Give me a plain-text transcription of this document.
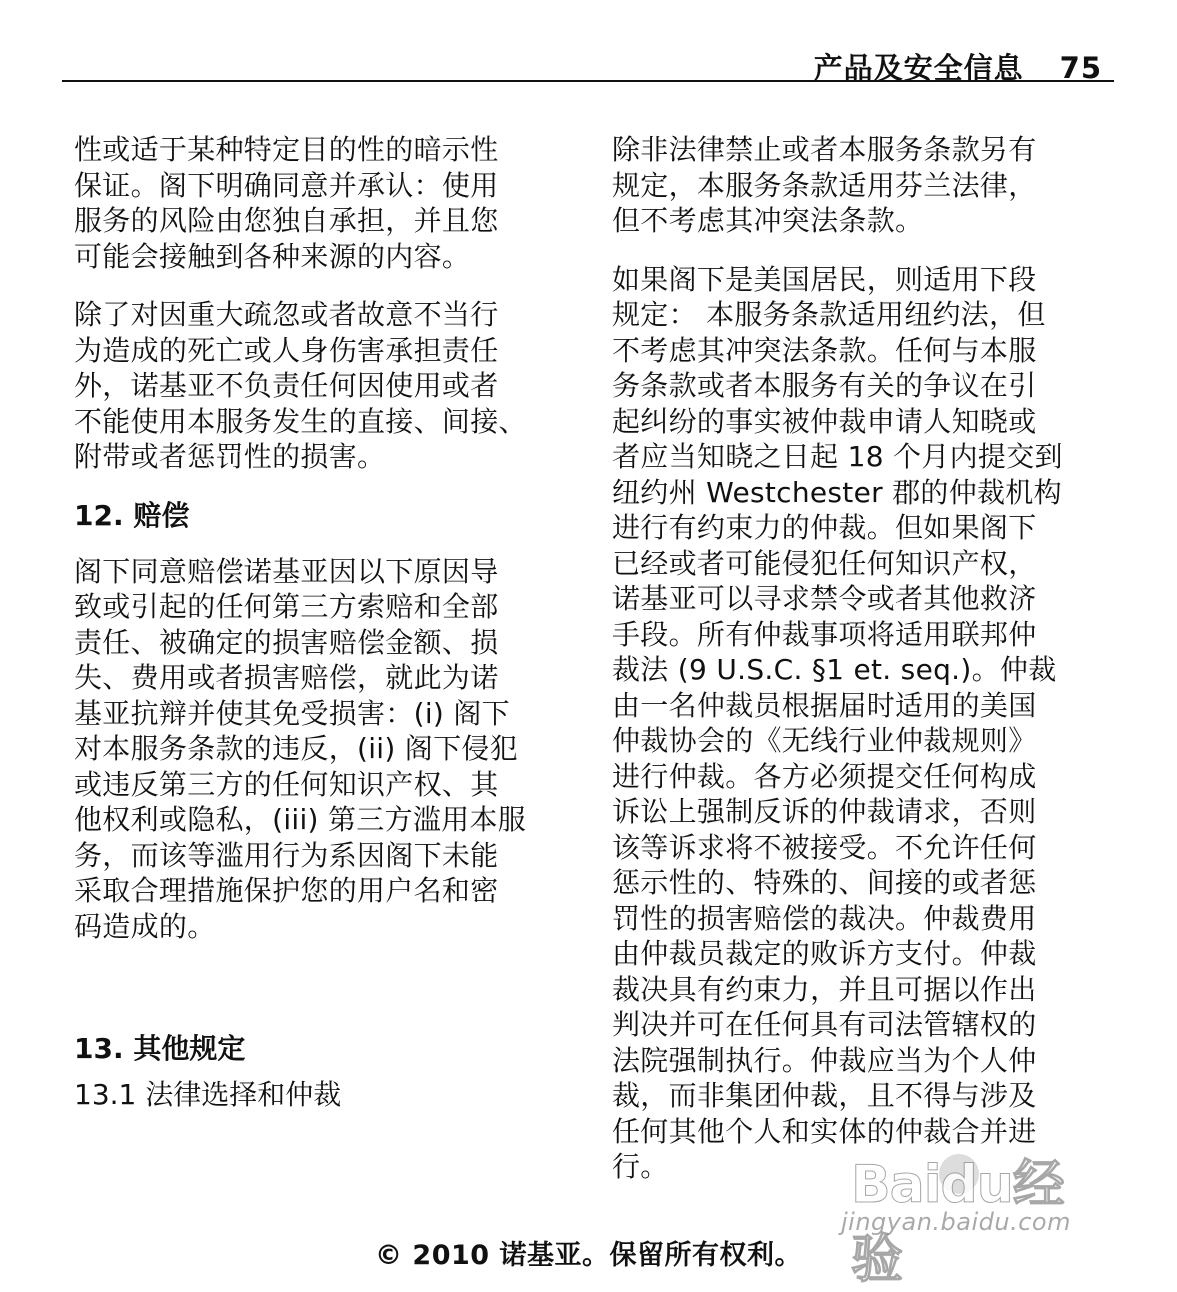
产品及安全信息 75

性或适于某种特定目的性的暗示性
保证。阁下明确同意并承认：使用
服务的风险由您独自承担，并且您
可能会接触到各种来源的内容。

除了对因重大疏忽或者故意不当行
为造成的死亡或人身伤害承担责任
外，诺基亚不负责任何因使用或者
不能使用本服务发生的直接、间接、
附带或者惩罚性的损害。

12. 赔偿

阁下同意赔偿诺基亚因以下原因导
致或引起的任何第三方索赔和全部
责任、被确定的损害赔偿金额、损
失、费用或者损害赔偿，就此为诺
基亚抗辩并使其免受损害：(i) 阁下
对本服务条款的违反，(ii) 阁下侵犯
或违反第三方的任何知识产权、其
他权利或隐私，(iii) 第三方滥用本服
务，而该等滥用行为系因阁下未能
采取合理措施保护您的用户名和密
码造成的。

13. 其他规定

13.1 法律选择和仲裁

除非法律禁止或者本服务条款另有
规定，本服务条款适用芬兰法律，
但不考虑其冲突法条款。

如果阁下是美国居民，则适用下段
规定： 本服务条款适用纽约法，但
不考虑其冲突法条款。任何与本服
务条款或者本服务有关的争议在引
起纠纷的事实被仲裁申请人知晓或
者应当知晓之日起 18 个月内提交到
纽约州 Westchester 郡的仲裁机构
进行有约束力的仲裁。但如果阁下
已经或者可能侵犯任何知识产权，
诺基亚可以寻求禁令或者其他救济
手段。所有仲裁事项将适用联邦仲
裁法 (9 U.S.C. §1 et. seq.)。仲裁
由一名仲裁员根据届时适用的美国
仲裁协会的《无线行业仲裁规则》
进行仲裁。各方必须提交任何构成
诉讼上强制反诉的仲裁请求，否则
该等诉求将不被接受。不允许任何
惩示性的、特殊的、间接的或者惩
罚性的损害赔偿的裁决。仲裁费用
由仲裁员裁定的败诉方支付。仲裁
裁决具有约束力，并且可据以作出
判决并可在任何具有司法管辖权的
法院强制执行。仲裁应当为个人仲
裁，而非集团仲裁，且不得与涉及
任何其他个人和实体的仲裁合并进
行。	Baidu经验
jingyan.baidu.com
© 2010 诺基亚。保留所有权利。
